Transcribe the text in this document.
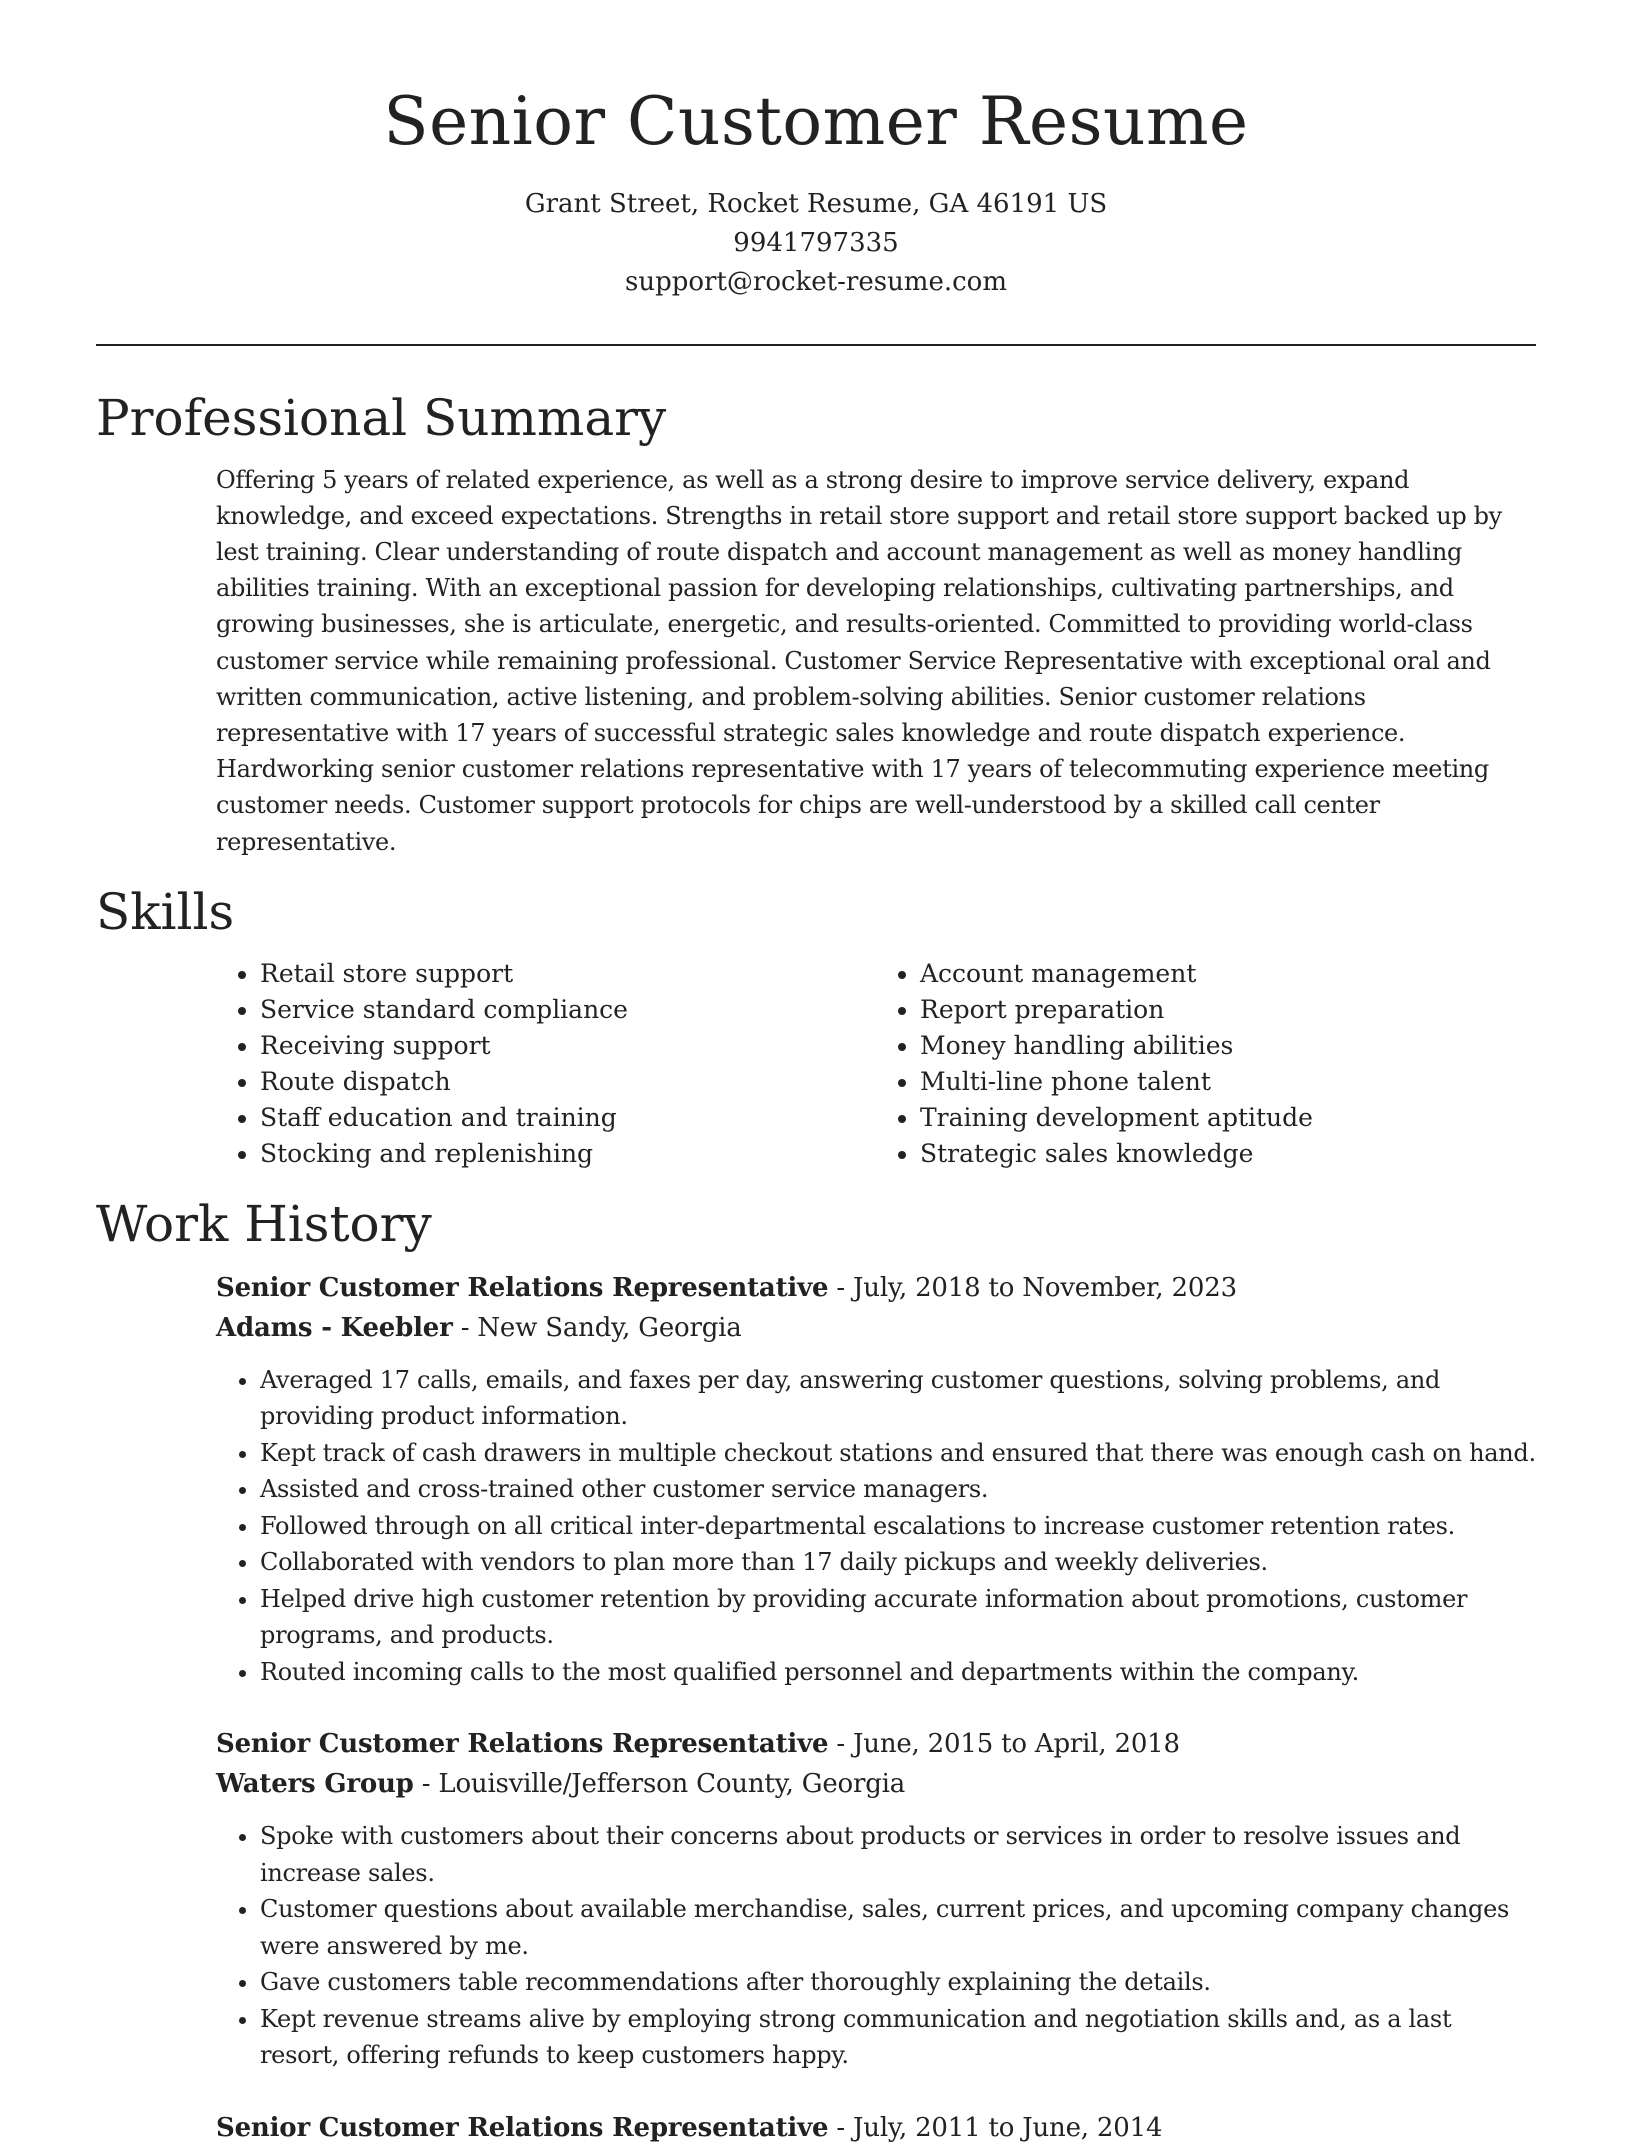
Senior Customer Resume
Grant Street, Rocket Resume, GA 46191 US
9941797335
support@rocket-resume.com
Professional Summary

Offering 5 years of related experience, as well as a strong desire to improve service delivery, expand knowledge, and exceed expectations. Strengths in retail store support and retail store support backed up by lest training. Clear understanding of route dispatch and account management as well as money handling abilities training. With an exceptional passion for developing relationships, cultivating partnerships, and growing businesses, she is articulate, energetic, and results-oriented. Committed to providing world-class customer service while remaining professional. Customer Service Representative with exceptional oral and written communication, active listening, and problem-solving abilities. Senior customer relations representative with 17 years of successful strategic sales knowledge and route dispatch experience. Hardworking senior customer relations representative with 17 years of telecommuting experience meeting customer needs. Customer support protocols for chips are well-understood by a skilled call center representative.

Skills
• Retail store support
• Service standard compliance
• Receiving support
• Route dispatch
• Staff education and training
• Stocking and replenishing
• Account management
• Report preparation
• Money handling abilities
• Multi-line phone talent
• Training development aptitude
• Strategic sales knowledge
Work History
Senior Customer Relations Representative - July, 2018 to November, 2023
Adams - Keebler - New Sandy, Georgia
• Averaged 17 calls, emails, and faxes per day, answering customer questions, solving problems, and providing product information.
• Kept track of cash drawers in multiple checkout stations and ensured that there was enough cash on hand.
• Assisted and cross-trained other customer service managers.
• Followed through on all critical inter-departmental escalations to increase customer retention rates.
• Collaborated with vendors to plan more than 17 daily pickups and weekly deliveries.
• Helped drive high customer retention by providing accurate information about promotions, customer programs, and products.
• Routed incoming calls to the most qualified personnel and departments within the company.
Senior Customer Relations Representative - June, 2015 to April, 2018
Waters Group - Louisville/Jefferson County, Georgia
• Spoke with customers about their concerns about products or services in order to resolve issues and increase sales.
• Customer questions about available merchandise, sales, current prices, and upcoming company changes were answered by me.
• Gave customers table recommendations after thoroughly explaining the details.
• Kept revenue streams alive by employing strong communication and negotiation skills and, as a last resort, offering refunds to keep customers happy.
Senior Customer Relations Representative - July, 2011 to June, 2014
